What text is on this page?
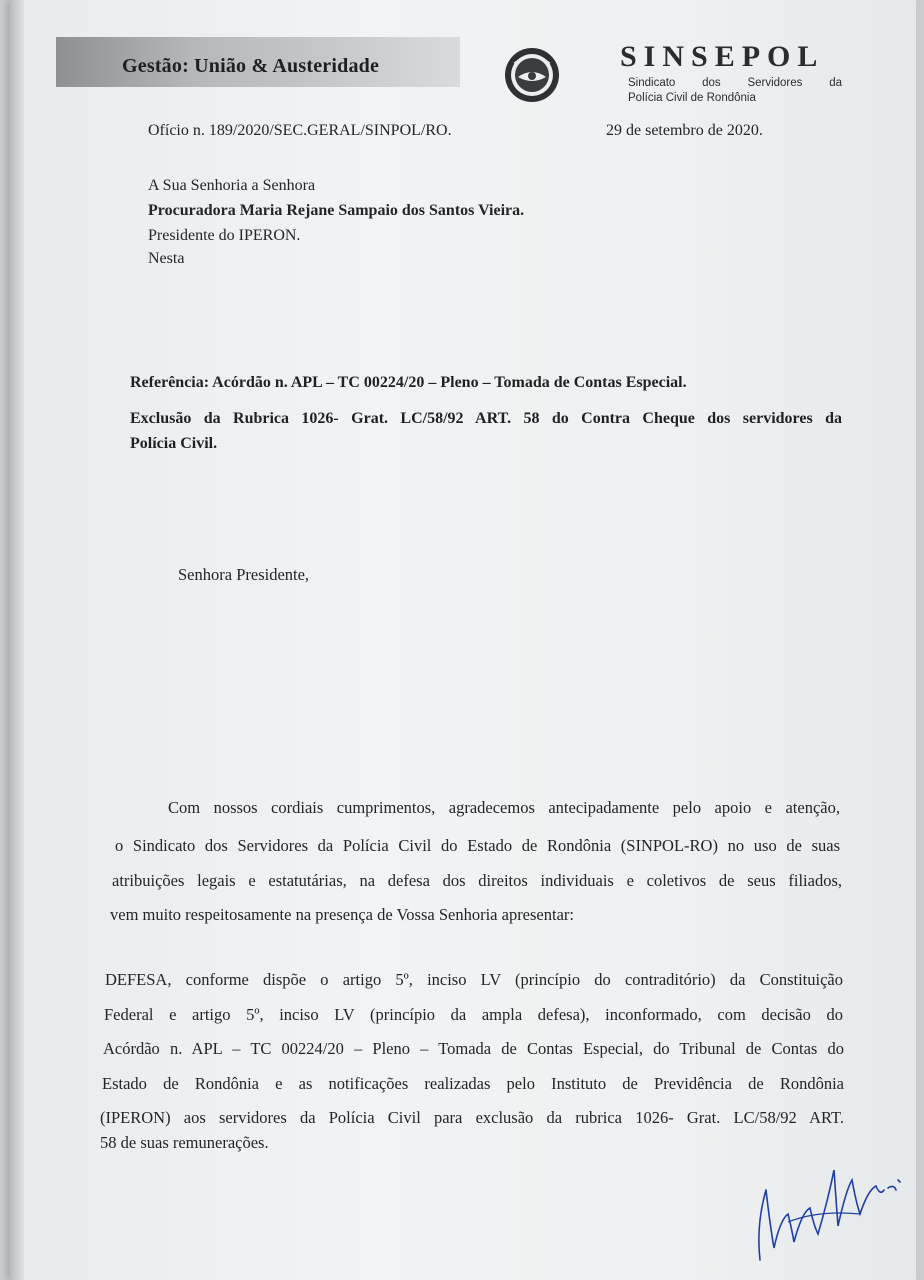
Gestão: União & Austeridade	SINSEPOL
Sindicato dos Servidores da
Polícia Civil de Rondônia
Ofício n. 189/2020/SEC.GERAL/SINPOL/RO.	29 de setembro de 2020.
A Sua Senhoria a Senhora
Procuradora Maria Rejane Sampaio dos Santos Vieira.
Presidente do IPERON.
Nesta
Referência: Acórdão n. APL – TC 00224/20 – Pleno – Tomada de Contas Especial.
Exclusão da Rubrica 1026- Grat. LC/58/92 ART. 58 do Contra Cheque dos servidores da
Polícia Civil.
Senhora Presidente,
Com nossos cordiais cumprimentos, agradecemos antecipadamente pelo apoio e atenção,
o Sindicato dos Servidores da Polícia Civil do Estado de Rondônia (SINPOL-RO) no uso de suas
atribuições legais e estatutárias, na defesa dos direitos individuais e coletivos de seus filiados,
vem muito respeitosamente na presença de Vossa Senhoria apresentar:
DEFESA, conforme dispõe o artigo 5º, inciso LV (princípio do contraditório) da Constituição
Federal e artigo 5º, inciso LV (princípio da ampla defesa), inconformado, com decisão do
Acórdão n. APL – TC 00224/20 – Pleno – Tomada de Contas Especial, do Tribunal de Contas do
Estado de Rondônia e as notificações realizadas pelo Instituto de Previdência de Rondônia
(IPERON) aos servidores da Polícia Civil para exclusão da rubrica 1026- Grat. LC/58/92 ART.
58 de suas remunerações.
